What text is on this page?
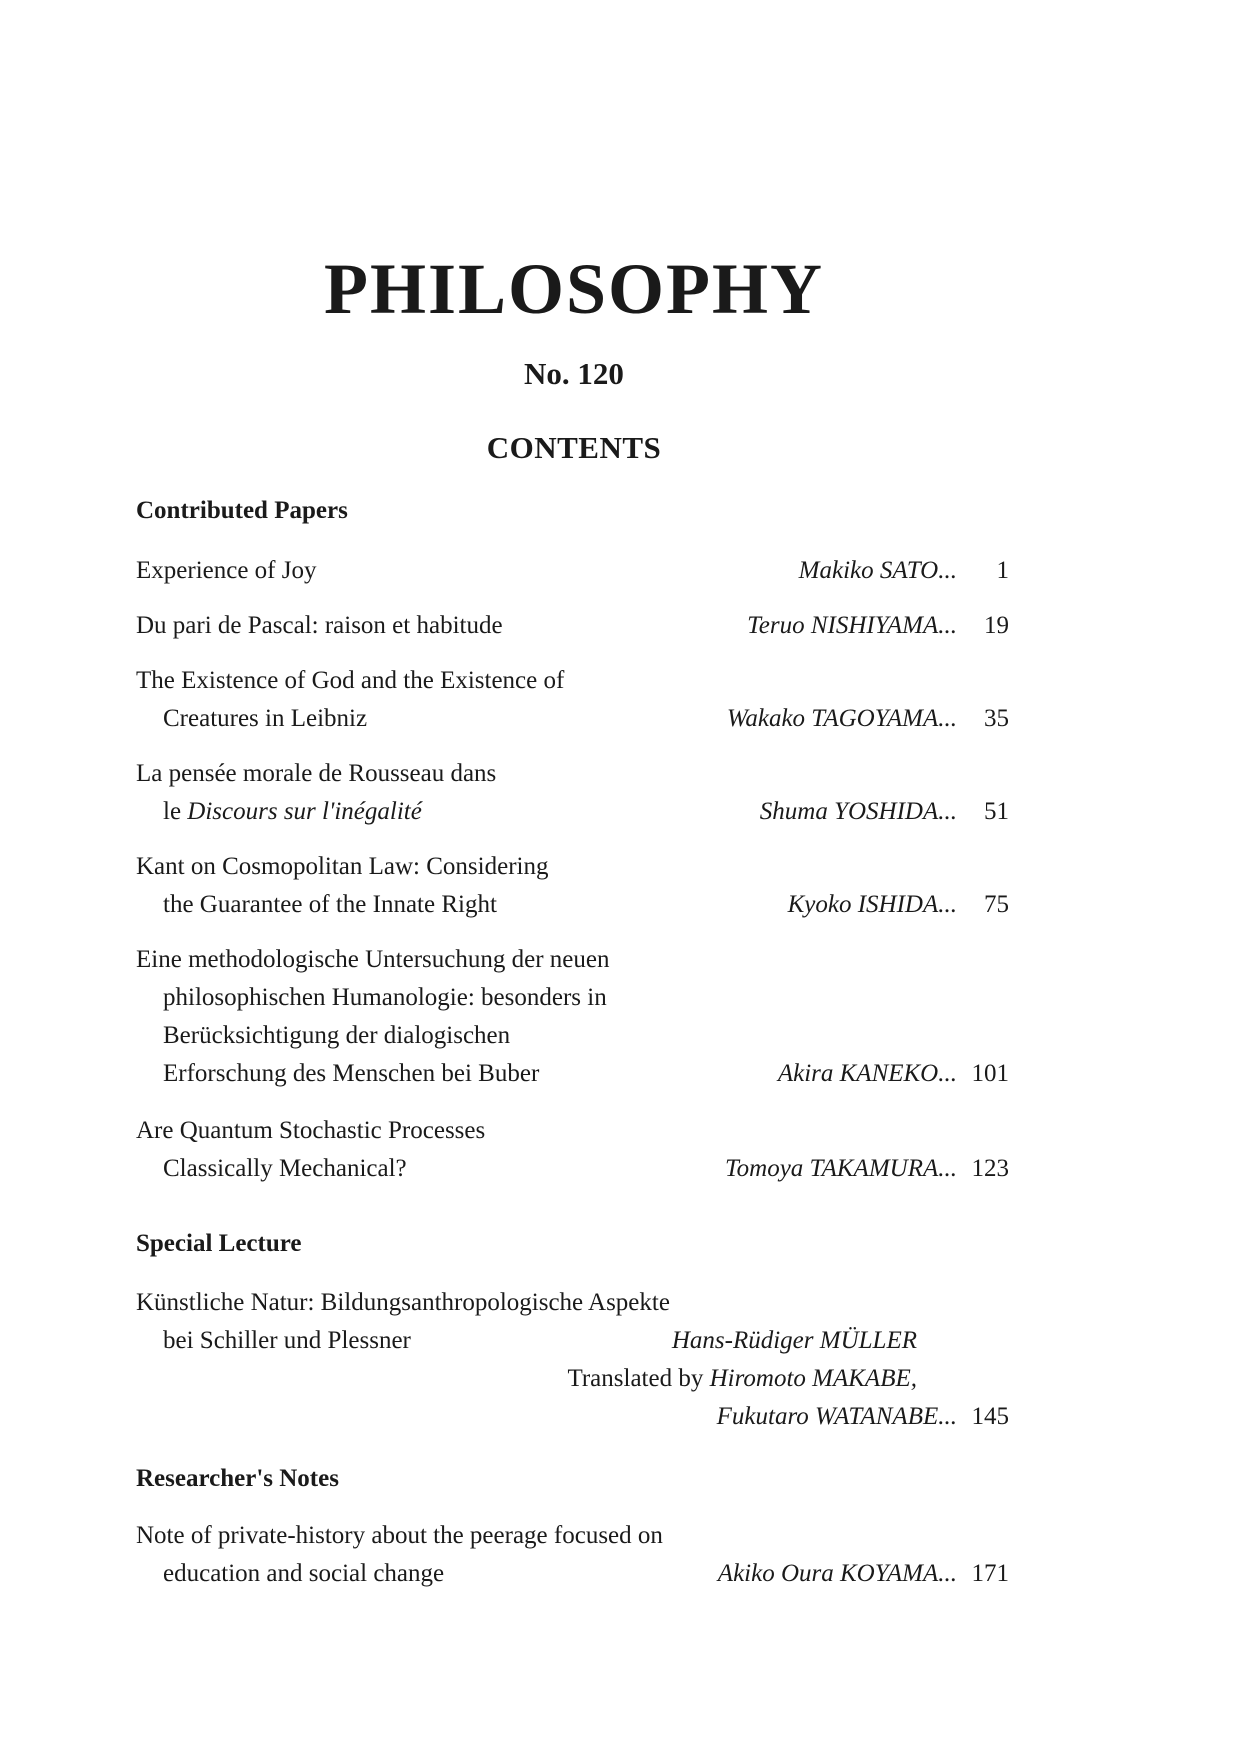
PHILOSOPHY
No. 120
CONTENTS
Contributed Papers
Experience of Joy	Makiko SATO... 1
Du pari de Pascal: raison et habitude	Teruo NISHIYAMA... 19
The Existence of God and the Existence of
Creatures in Leibniz	Wakako TAGOYAMA... 35
La pensée morale de Rousseau dans
le Discours sur l'inégalité	Shuma YOSHIDA... 51
Kant on Cosmopolitan Law: Considering
the Guarantee of the Innate Right	Kyoko ISHIDA... 75
Eine methodologische Untersuchung der neuen
philosophischen Humanologie: besonders in
Berücksichtigung der dialogischen
Erforschung des Menschen bei Buber	Akira KANEKO... 101
Are Quantum Stochastic Processes
Classically Mechanical?	Tomoya TAKAMURA... 123
Special Lecture
Künstliche Natur: Bildungsanthropologische Aspekte
bei Schiller und Plessner	Hans-Rüdiger MÜLLER
Translated by Hiromoto MAKABE,
Fukutaro WATANABE... 145
Researcher's Notes
Note of private-history about the peerage focused on
education and social change	Akiko Oura KOYAMA... 171
